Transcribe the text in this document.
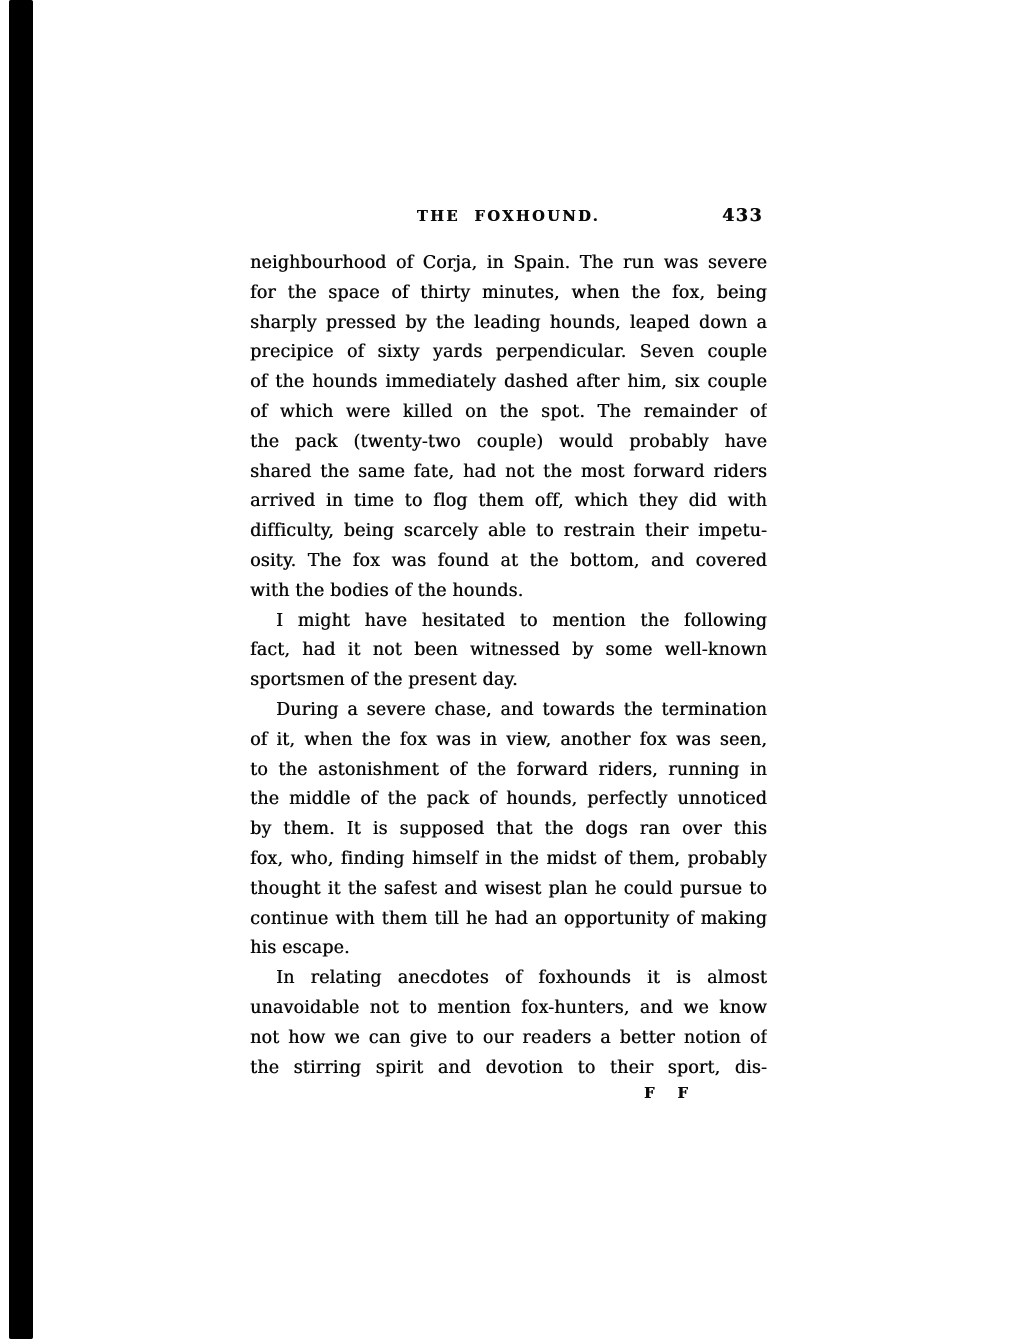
THE FOXHOUND.	433
neighbourhood of Corja, in Spain. The run was severe
for the space of thirty minutes, when the fox, being
sharply pressed by the leading hounds, leaped down a
precipice of sixty yards perpendicular. Seven couple
of the hounds immediately dashed after him, six couple
of which were killed on the spot. The remainder of
the pack (twenty-two couple) would probably have
shared the same fate, had not the most forward riders
arrived in time to flog them off, which they did with
difficulty, being scarcely able to restrain their impetu-
osity. The fox was found at the bottom, and covered
with the bodies of the hounds.
I might have hesitated to mention the following
fact, had it not been witnessed by some well-known
sportsmen of the present day.
During a severe chase, and towards the termination
of it, when the fox was in view, another fox was seen,
to the astonishment of the forward riders, running in
the middle of the pack of hounds, perfectly unnoticed
by them. It is supposed that the dogs ran over this
fox, who, finding himself in the midst of them, probably
thought it the safest and wisest plan he could pursue to
continue with them till he had an opportunity of making
his escape.
In relating anecdotes of foxhounds it is almost
unavoidable not to mention fox-hunters, and we know
not how we can give to our readers a better notion of
the stirring spirit and devotion to their sport, dis-
F F
